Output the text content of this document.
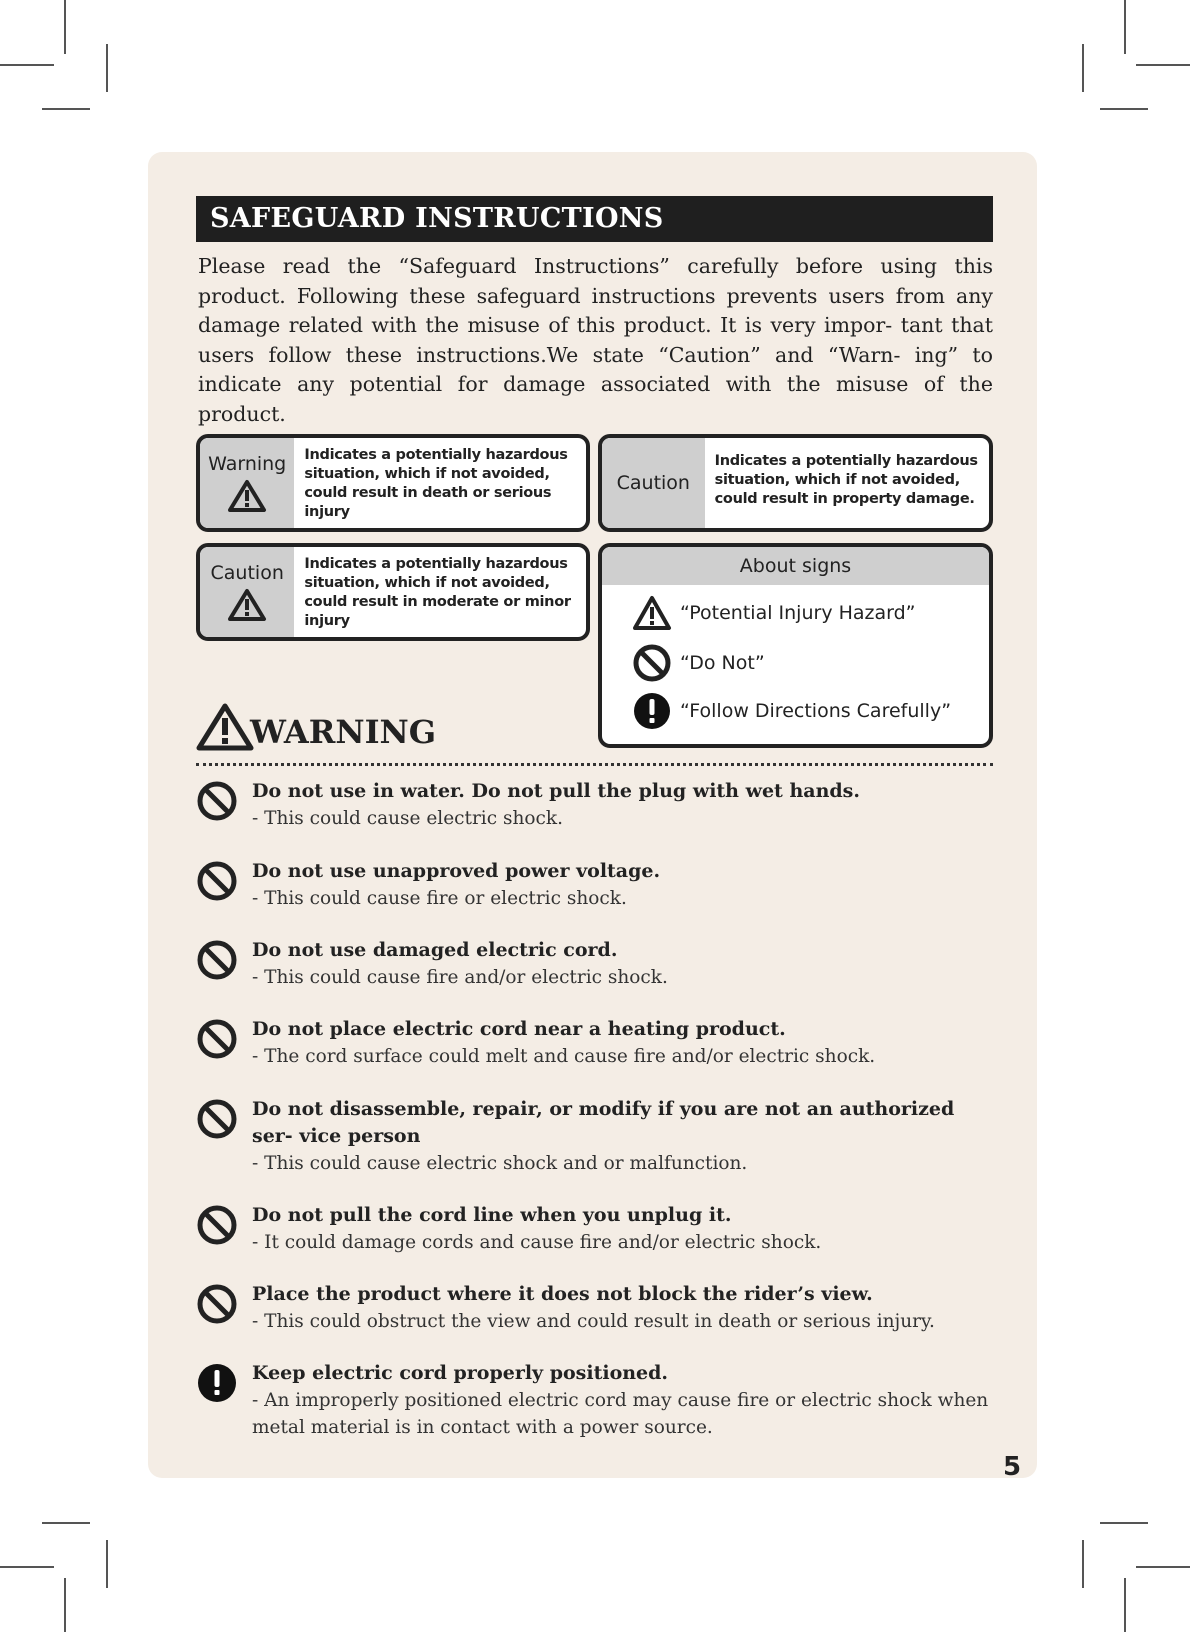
SAFEGUARD INSTRUCTIONS
Please read the “Safeguard Instructions” carefully before using this product. Following these safeguard instructions prevents users from any damage related with the misuse of this product. It is very impor- tant that users follow these instructions.We state “Caution” and “Warn- ing” to indicate any potential for damage associated with the misuse of the product.
Warning	Indicates a potentially hazardous situation, which if not avoided, could result in death or serious injury
Caution
Indicates a potentially hazardous situation, which if not avoided, could result in property damage.
Caution	Indicates a potentially hazardous situation, which if not avoided, could result in moderate or minor injury
About signs
“Potential Injury Hazard”
“Do Not”
“Follow Directions Carefully”
WARNING
Do not use in water. Do not pull the plug with wet hands.
- This could cause electric shock.
Do not use unapproved power voltage.
- This could cause fire or electric shock.
Do not use damaged electric cord.
- This could cause fire and/or electric shock.
Do not place electric cord near a heating product.
- The cord surface could melt and cause fire and/or electric shock.
Do not disassemble, repair, or modify if you are not an authorized ser- vice person
- This could cause electric shock and or malfunction.
Do not pull the cord line when you unplug it.
- It could damage cords and cause fire and/or electric shock.
Place the product where it does not block the rider’s view.
- This could obstruct the view and could result in death or serious injury.
Keep electric cord properly positioned.
- An improperly positioned electric cord may cause fire or electric shock when metal material is in contact with a power source.
5
